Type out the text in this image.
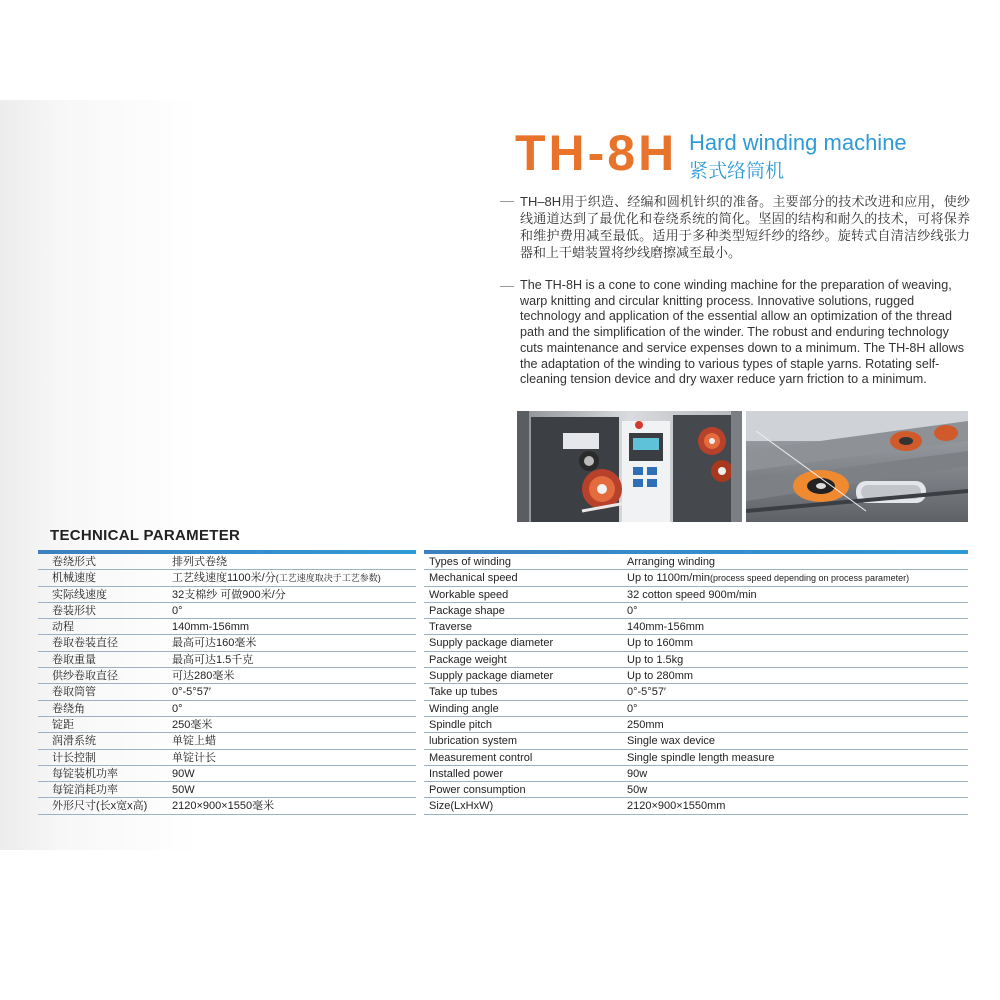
TH-8H Hard winding machine
紧式络筒机
TH–8H用于织造、经编和圆机针织的准备。主要部分的技术改进和应用，使纱线通道达到了最优化和卷绕系统的简化。坚固的结构和耐久的技术，可将保养和维护费用减至最低。适用于多种类型短纤纱的络纱。旋转式自清洁纱线张力器和上干蜡装置将纱线磨擦减至最小。
The TH-8H is a cone to cone winding machine for the preparation of weaving, warp knitting and circular knitting process. Innovative solutions, rugged technology and application of the essential allow an optimization of the thread path and the simplification of the winder. The robust and enduring technology cuts maintenance and service expenses down to a minimum. The TH-8H allows the adaptation of the winding to various types of staple yarns. Rotating self-cleaning tension device and dry waxer reduce yarn friction to a minimum.
TECHNICAL PARAMETER
卷绕形式	排列式卷绕
机械速度	工艺线速度1100米/分(工艺速度取决于工艺参数)
实际线速度	32支棉纱 可做900米/分
卷装形状	0°
动程	140mm-156mm
卷取卷装直径	最高可达160毫米
卷取重量	最高可达1.5千克
供纱卷取直径	可达280毫米
卷取筒管	0°-5°57′
卷绕角	0°
锭距	250毫米
润滑系统	单锭上蜡
计长控制	单锭计长
每锭装机功率	90W
每锭消耗功率	50W
外形尺寸(长x宽x高)	2120×900×1550毫米
Types of winding	Arranging winding
Mechanical speed	Up to 1100m/min(process speed depending on process parameter)
Workable speed	32 cotton speed 900m/min
Package shape	0°
Traverse	140mm-156mm
Supply package diameter	Up to 160mm
Package weight	Up to 1.5kg
Supply package diameter	Up to 280mm
Take up tubes	0°-5°57′
Winding angle	0°
Spindle pitch	250mm
lubrication system	Single wax device
Measurement control	Single spindle length measure
Installed power	90w
Power consumption	50w
Size(LxHxW)	2120×900×1550mm
